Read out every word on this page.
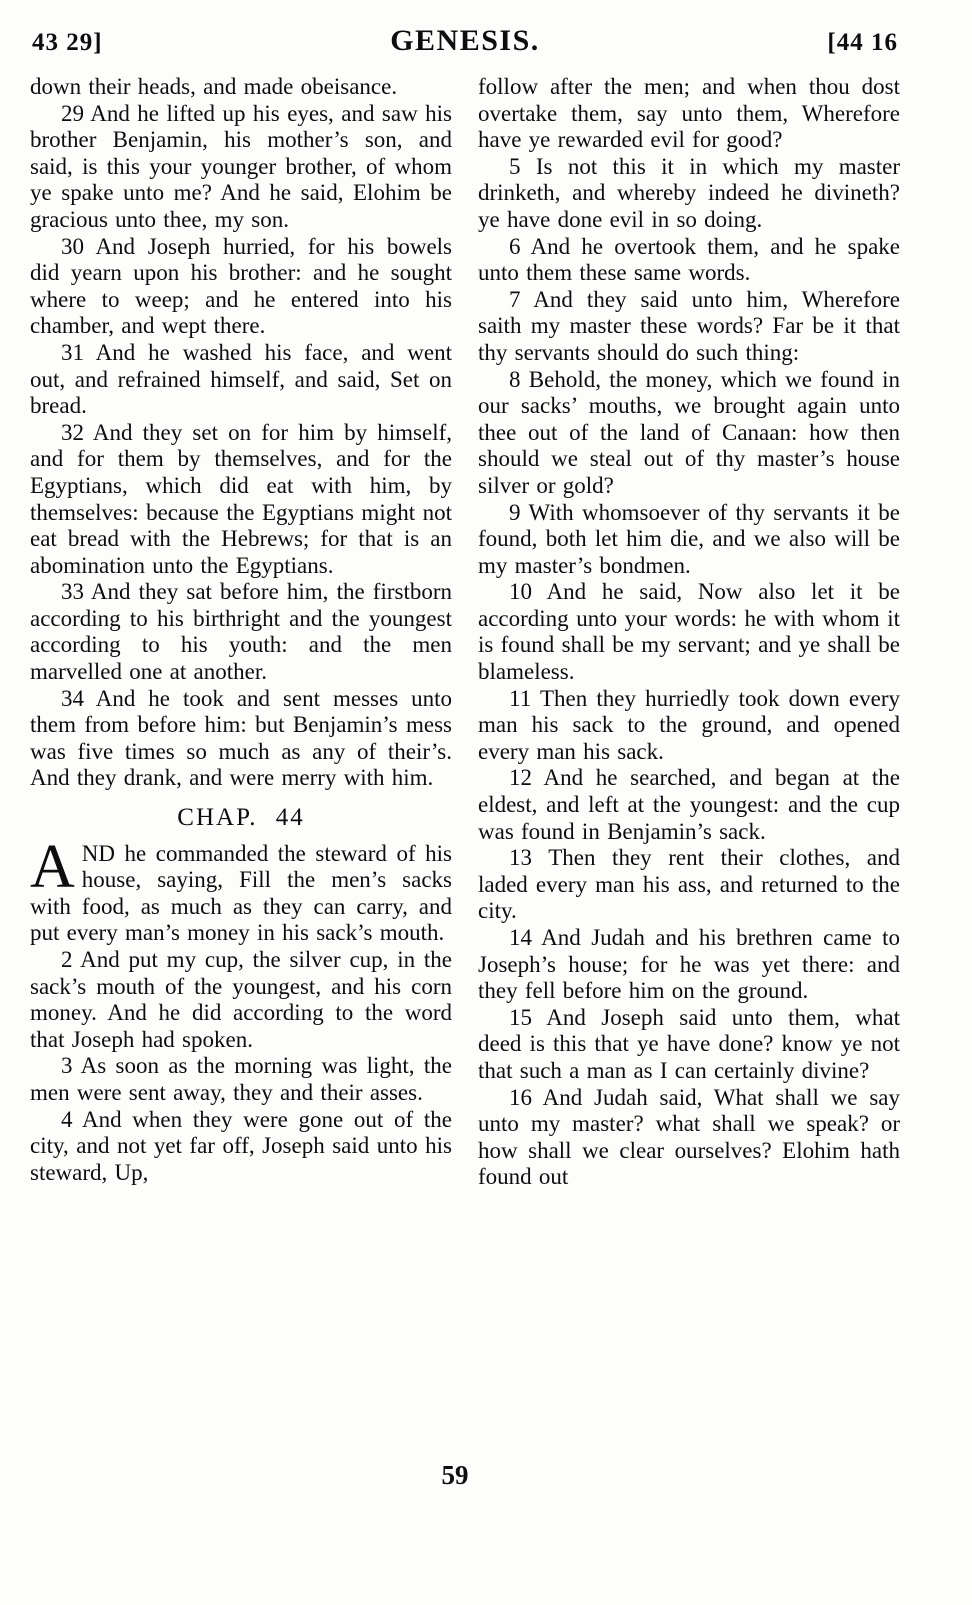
43 29]	GENESIS.	[44 16

down their heads, and made obeisance.

29 And he lifted up his eyes, and saw his brother Benjamin, his mother’s son, and said, is this your younger brother, of whom ye spake unto me? And he said, Elohim be gracious unto thee, my son.

30 And Joseph hurried, for his bowels did yearn upon his brother: and he sought where to weep; and he entered into his chamber, and wept there.

31 And he washed his face, and went out, and refrained himself, and said, Set on bread.

32 And they set on for him by himself, and for them by themselves, and for the Egyptians, which did eat with him, by themselves: because the Egyptians might not eat bread with the Hebrews; for that is an abomination unto the Egyptians.

33 And they sat before him, the firstborn according to his birthright and the youngest according to his youth: and the men marvelled one at another.

34 And he took and sent messes unto them from before him: but Benjamin’s mess was five times so much as any of their’s. And they drank, and were merry with him.

CHAP. 44

AND he commanded the steward of his house, saying, Fill the men’s sacks with food, as much as they can carry, and put every man’s money in his sack’s mouth.

2 And put my cup, the silver cup, in the sack’s mouth of the youngest, and his corn money. And he did according to the word that Joseph had spoken.

3 As soon as the morning was light, the men were sent away, they and their asses.

4 And when they were gone out of the city, and not yet far off, Joseph said unto his steward, Up,

follow after the men; and when thou dost overtake them, say unto them, Wherefore have ye rewarded evil for good?

5 Is not this it in which my master drinketh, and whereby indeed he divineth? ye have done evil in so doing.

6 And he overtook them, and he spake unto them these same words.

7 And they said unto him, Wherefore saith my master these words? Far be it that thy servants should do such thing:

8 Behold, the money, which we found in our sacks’ mouths, we brought again unto thee out of the land of Canaan: how then should we steal out of thy master’s house silver or gold?

9 With whomsoever of thy servants it be found, both let him die, and we also will be my master’s bondmen.

10 And he said, Now also let it be according unto your words: he with whom it is found shall be my servant; and ye shall be blameless.

11 Then they hurriedly took down every man his sack to the ground, and opened every man his sack.

12 And he searched, and began at the eldest, and left at the youngest: and the cup was found in Benjamin’s sack.

13 Then they rent their clothes, and laded every man his ass, and returned to the city.

14 And Judah and his brethren came to Joseph’s house; for he was yet there: and they fell before him on the ground.

15 And Joseph said unto them, what deed is this that ye have done? know ye not that such a man as I can certainly divine?

16 And Judah said, What shall we say unto my master? what shall we speak? or how shall we clear ourselves? Elohim hath found out

59
